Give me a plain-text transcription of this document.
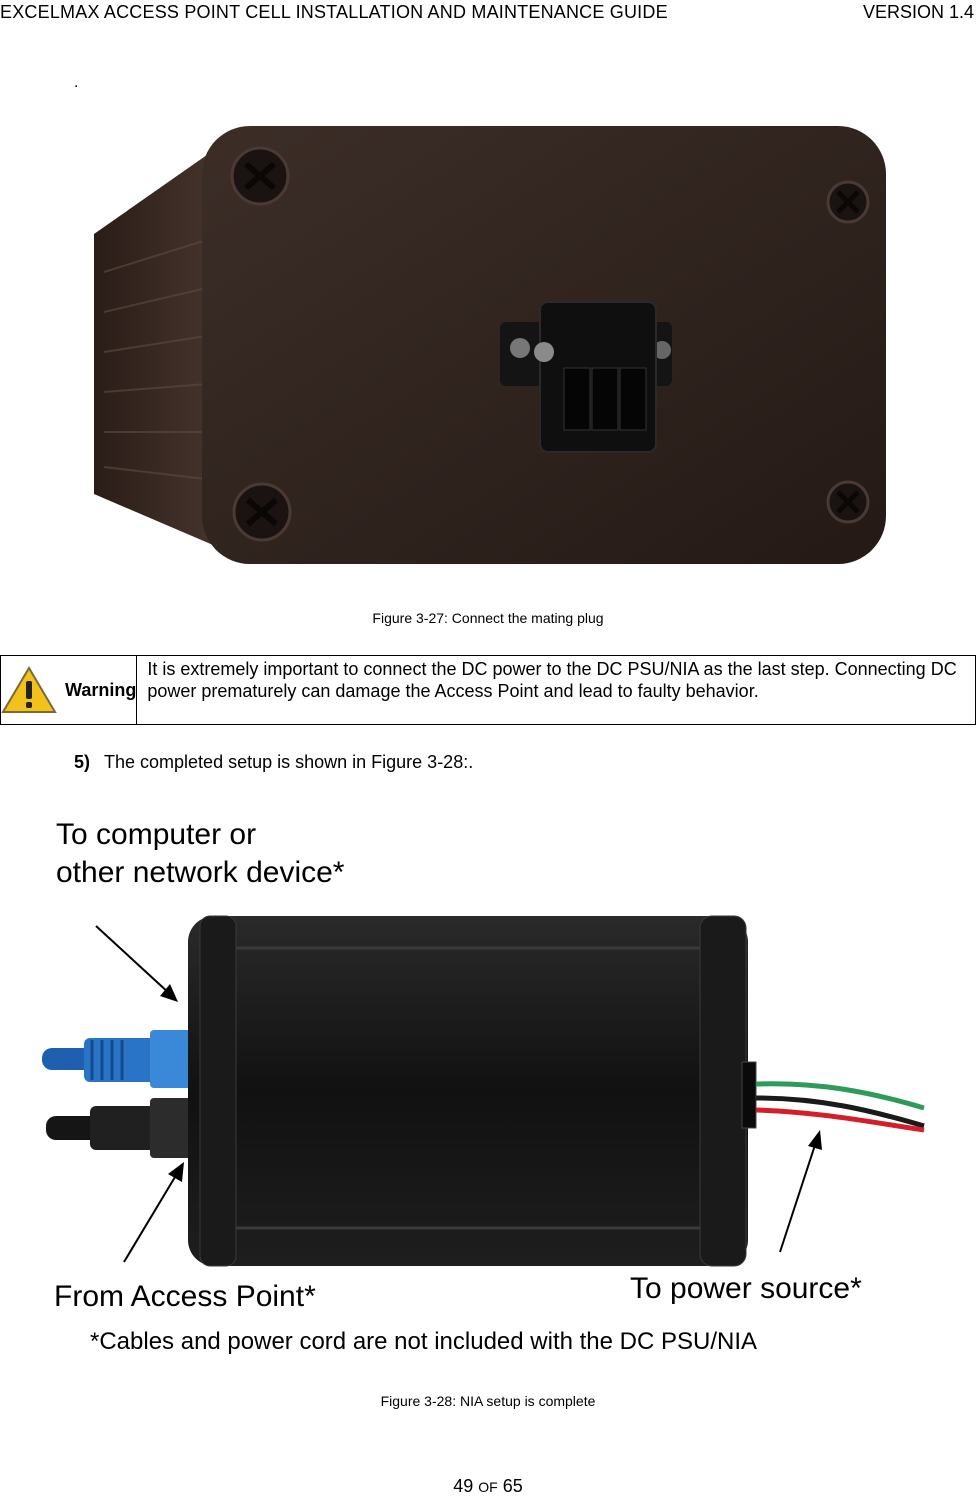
EXCELMAX ACCESS POINT CELL INSTALLATION AND MAINTENANCE GUIDE	VERSION 1.4
.
Figure 3-27: Connect the mating plug
Warning
It is extremely important to connect the DC power to the DC PSU/NIA as the last step. Connecting DC power prematurely can damage the Access Point and lead to faulty behavior.
5) The completed setup is shown in Figure 3-28:.
To computer or
other network device*
From Access Point*	To power source*
*Cables and power cord are not included with the DC PSU/NIA
Figure 3-28: NIA setup is complete
49 OF 65
